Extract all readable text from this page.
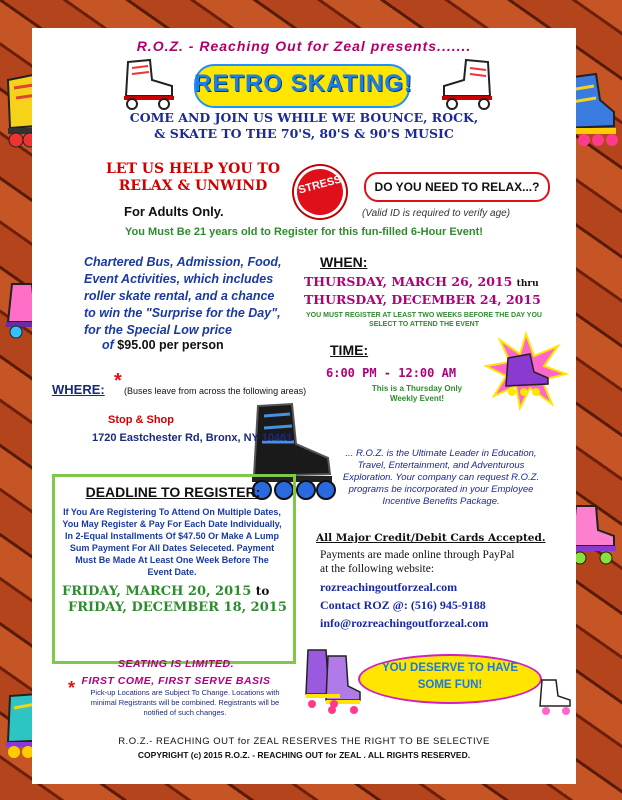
R.O.Z. - Reaching Out for Zeal presents.......
RETRO SKATING!
COME AND JOIN US WHILE WE BOUNCE, ROCK,
& SKATE TO THE 70'S, 80'S & 90'S MUSIC
LET US HELP YOU TO
RELAX & UNWIND
For Adults Only.
STRESS	DO YOU NEED TO RELAX...?
(Valid ID is required to verify age)
You Must Be 21 years old to Register for this fun-filled 6-Hour Event!
Chartered Bus, Admission, Food, Event Activities, which includes roller skate rental, and a chance to win the "Surprise for the Day", for the Special Low price
of $95.00 per person
WHEN:
THURSDAY, MARCH 26, 2015 thru
THURSDAY, DECEMBER 24, 2015
YOU MUST REGISTER AT LEAST TWO WEEKS BEFORE THE DAY YOU SELECT TO ATTEND THE EVENT
TIME:
6:00 PM - 12:00 AM
This is a Thursday Only Weekly Event!
WHERE: * (Buses leave from across the following areas)
Stop & Shop
1720 Eastchester Rd, Bronx, NY 10461
... R.O.Z. is the Ultimate Leader in Education, Travel, Entertainment, and Adventurous Exploration. Your company can request R.O.Z. programs be incorporated in your Employee Incentive Benefits Package.
DEADLINE TO REGISTER:
If You Are Registering To Attend On Multiple Dates, You May Register & Pay For Each Date Individually, In 2-Equal Installments Of $47.50 Or Make A Lump Sum Payment For All Dates Seleceted. Payment Must Be Made At Least One Week Before The Event Date.
FRIDAY, MARCH 20, 2015 to
FRIDAY, DECEMBER 18, 2015
All Major Credit/Debit Cards Accepted.
Payments are made online through PayPal at the following website:
rozreachingoutforzeal.com
Contact ROZ @: (516) 945-9188
info@rozreachingoutforzeal.com
SEATING IS LIMITED.
FIRST COME, FIRST SERVE BASIS
*	Pick-up Locations are Subject To Change. Locations with minimal Registrants will be combined. Registrants will be notified of such changes.
YOU DESERVE TO HAVE
SOME FUN!
R.O.Z.- REACHING OUT for ZEAL RESERVES THE RIGHT TO BE SELECTIVE
COPYRIGHT (c) 2015 R.O.Z. - REACHING OUT for ZEAL . ALL RIGHTS RESERVED.
